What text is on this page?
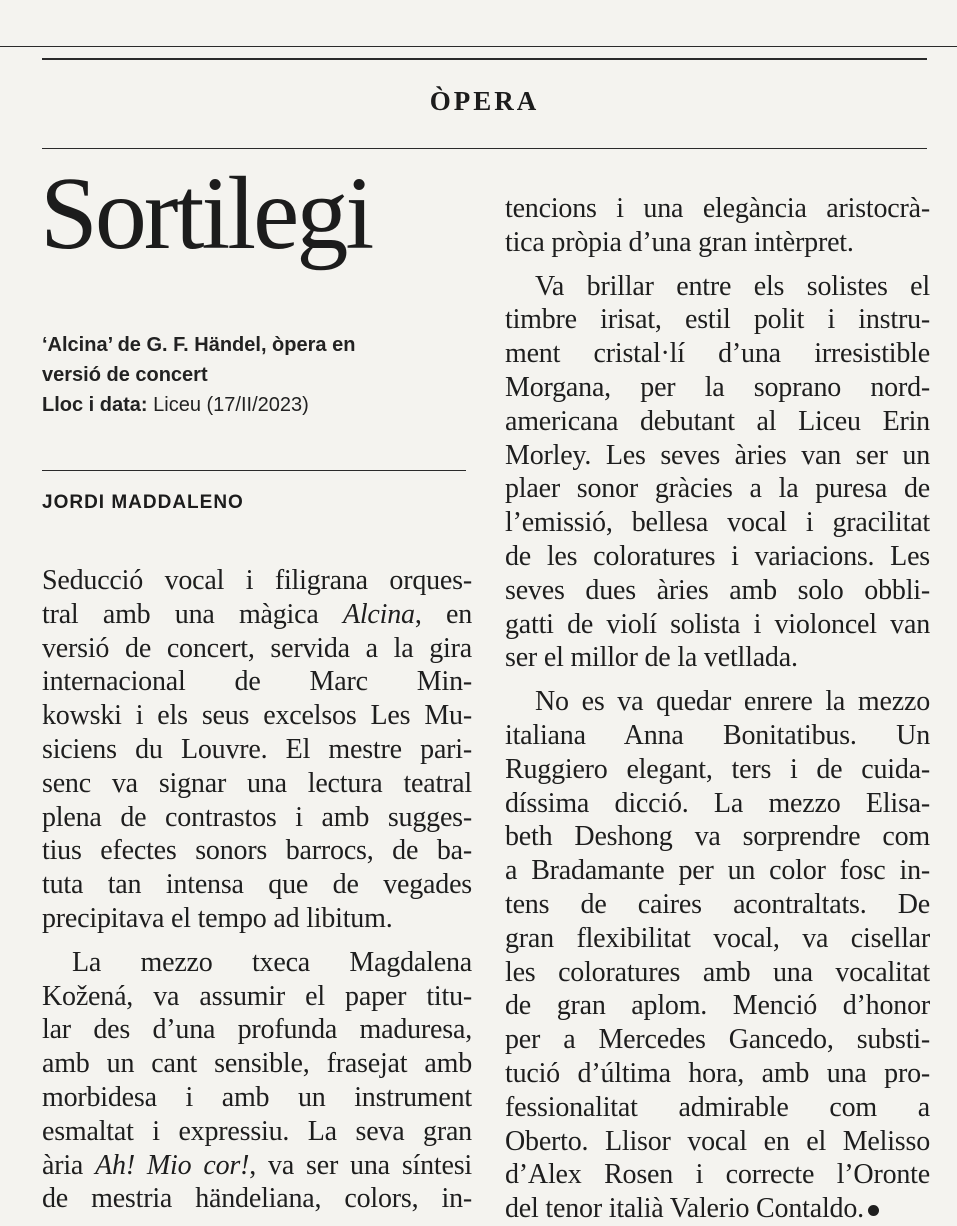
ÒPERA
Sortilegi
‘Alcina’ de G. F. Händel, òpera en
versió de concert
Lloc i data: Liceu (17/II/2023)
JORDI MADDALENO
Seducció vocal i filigrana orques-
tral amb una màgica Alcina, en
versió de concert, servida a la gira
internacional de Marc Min-
kowski i els seus excelsos Les Mu-
siciens du Louvre. El mestre pari-
senc va signar una lectura teatral
plena de contrastos i amb sugges-
tius efectes sonors barrocs, de ba-
tuta tan intensa que de vegades
precipitava el tempo ad libitum.
La mezzo txeca Magdalena
Kožená, va assumir el paper titu-
lar des d’una profunda maduresa,
amb un cant sensible, frasejat amb
morbidesa i amb un instrument
esmaltat i expressiu. La seva gran
ària Ah! Mio cor!, va ser una síntesi
de mestria händeliana, colors, in-
tencions i una elegància aristocrà-
tica pròpia d’una gran intèrpret.
Va brillar entre els solistes el
timbre irisat, estil polit i instru-
ment cristal·lí d’una irresistible
Morgana, per la soprano nord-
americana debutant al Liceu Erin
Morley. Les seves àries van ser un
plaer sonor gràcies a la puresa de
l’emissió, bellesa vocal i gracilitat
de les coloratures i variacions. Les
seves dues àries amb solo obbli-
gatti de violí solista i violoncel van
ser el millor de la vetllada.
No es va quedar enrere la mezzo
italiana Anna Bonitatibus. Un
Ruggiero elegant, ters i de cuida-
díssima dicció. La mezzo Elisa-
beth Deshong va sorprendre com
a Bradamante per un color fosc in-
tens de caires acontraltats. De
gran flexibilitat vocal, va cisellar
les coloratures amb una vocalitat
de gran aplom. Menció d’honor
per a Mercedes Gancedo, substi-
tució d’última hora, amb una pro-
fessionalitat admirable com a
Oberto. Llisor vocal en el Melisso
d’Alex Rosen i correcte l’Oronte
del tenor italià Valerio Contaldo.
